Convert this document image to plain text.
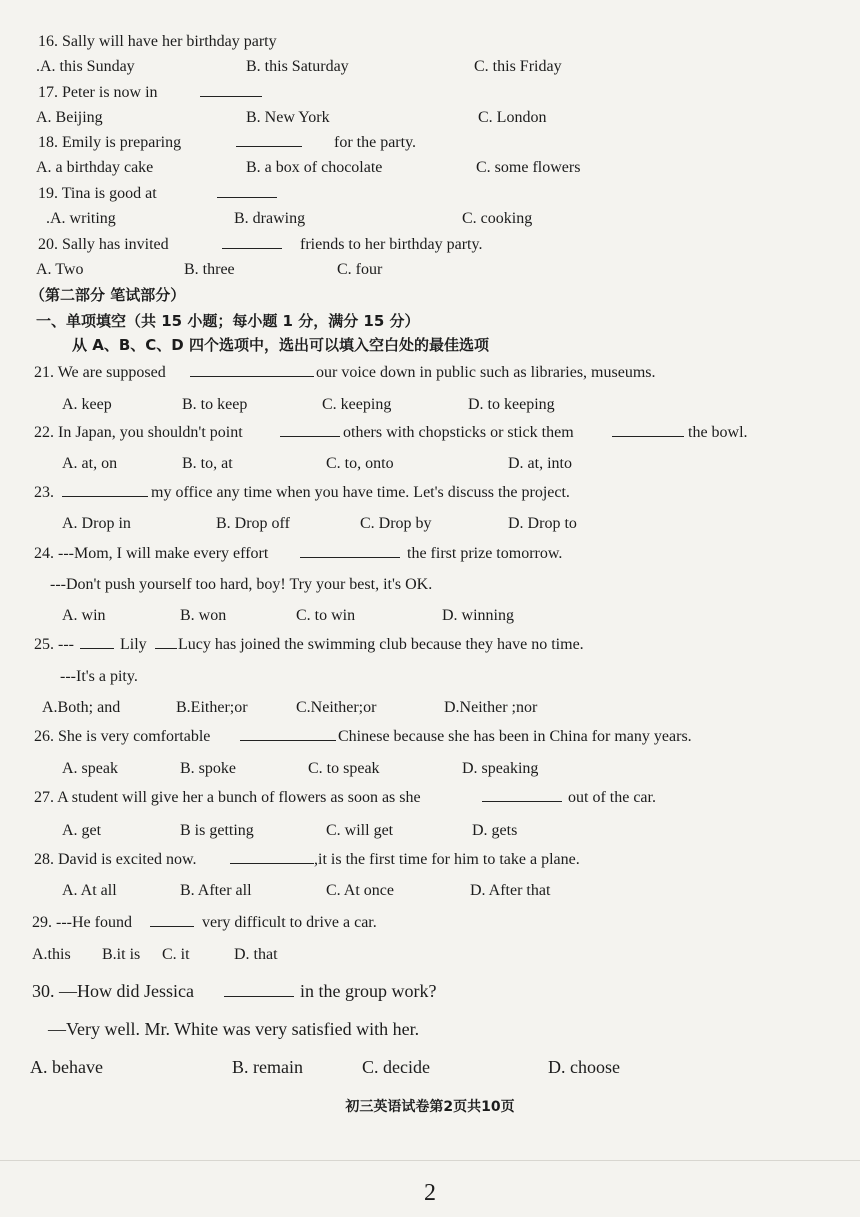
16. Sally will have her birthday party
.A. this Sunday	B. this Saturday	C. this Friday
17. Peter is now in
A. Beijing	B. New York	C. London
18. Emily is preparing	for the party.
A. a birthday cake	B. a box of chocolate	C. some flowers
19. Tina is good at
.A. writing	B. drawing	C. cooking
20. Sally has invited	friends to her birthday party.
A. Two	B. three	C. four
（第二部分 笔试部分）
一、单项填空（共 15 小题；每小题 1 分，满分 15 分）
从 A、B、C、D 四个选项中，选出可以填入空白处的最佳选项
21. We are supposed	our voice down in public such as libraries, museums.
A. keep	B. to keep	C. keeping	D. to keeping
22. In Japan, you shouldn't point	others with chopsticks or stick them	the bowl.
A. at, on	B. to, at	C. to, onto	D. at, into
23.	my office any time when you have time. Let's discuss the project.
A. Drop in	B. Drop off	C. Drop by	D. Drop to
24. ---Mom, I will make every effort	the first prize tomorrow.
---Don't push yourself too hard, boy! Try your best, it's OK.
A. win	B. won	C. to win	D. winning
25. ---	Lily Lucy has joined the swimming club because they have no time.
---It's a pity.
A.Both; and	B.Either;or	C.Neither;or	D.Neither ;nor
26. She is very comfortable	Chinese because she has been in China for many years.
A. speak	B. spoke	C. to speak	D. speaking
27. A student will give her a bunch of flowers as soon as she	out of the car.
A. get	B is getting	C. will get	D. gets
28. David is excited now.	,it is the first time for him to take a plane.
A. At all	B. After all	C. At once	D. After that
29. ---He found	very difficult to drive a car.
A.this B.it is C. it	D. that
30. —How did Jessica	in the group work?
—Very well. Mr. White was very satisfied with her.
A. behave	B. remain	C. decide	D. choose
初三英语试卷第2页共10页
2
